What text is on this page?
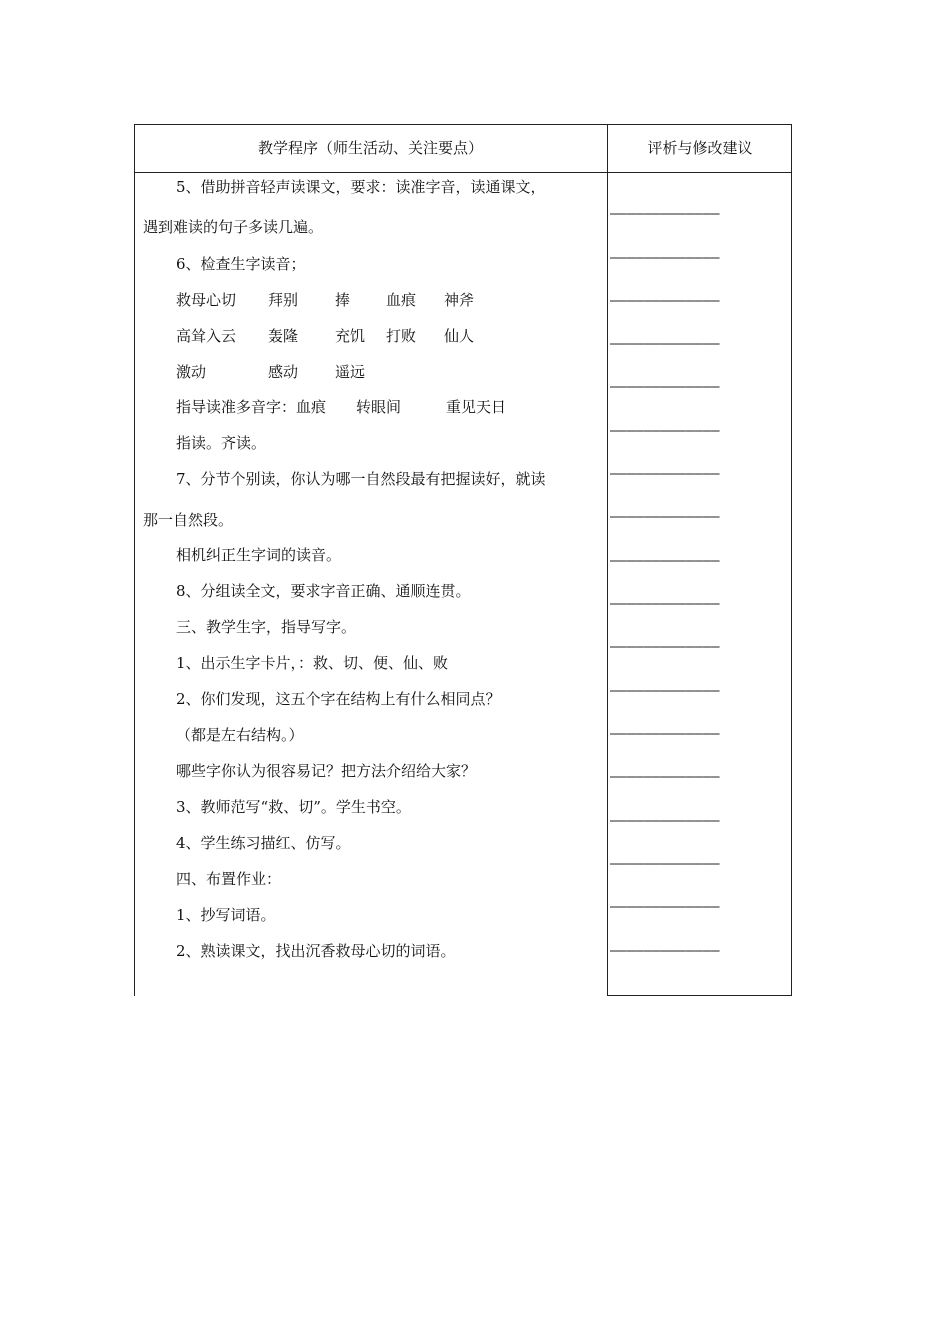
教学程序（师生活动、关注要点）	评析与修改建议
5、借助拼音轻声读课文，要求：读准字音，读通课文，
遇到难读的句子多读几遍。
6、检查生字读音；
救母心切 拜别 捧 血痕 神斧
高耸入云 轰隆 充饥 打败 仙人
激动	感动 遥远
指导读准多音字：血痕　　转眼间　　　重见天日
指读。齐读。
7、分节个别读，你认为哪一自然段最有把握读好，就读
那一自然段。
相机纠正生字词的读音。
8、分组读全文，要求字音正确、通顺连贯。
三、教学生字，指导写字。
1、出示生字卡片，：救、切、便、仙、败
2、你们发现，这五个字在结构上有什么相同点？
（都是左右结构。）
哪些字你认为很容易记？把方法介绍给大家？
3、教师范写“救、切”。学生书空。
4、学生练习描红、仿写。
四、布置作业：
1、抄写词语。
2、熟读课文，找出沉香救母心切的词语。
—————————————
—————————————
—————————————
—————————————
—————————————
—————————————
—————————————
—————————————
—————————————
—————————————
—————————————
—————————————
—————————————
—————————————
—————————————
—————————————
—————————————
—————————————
